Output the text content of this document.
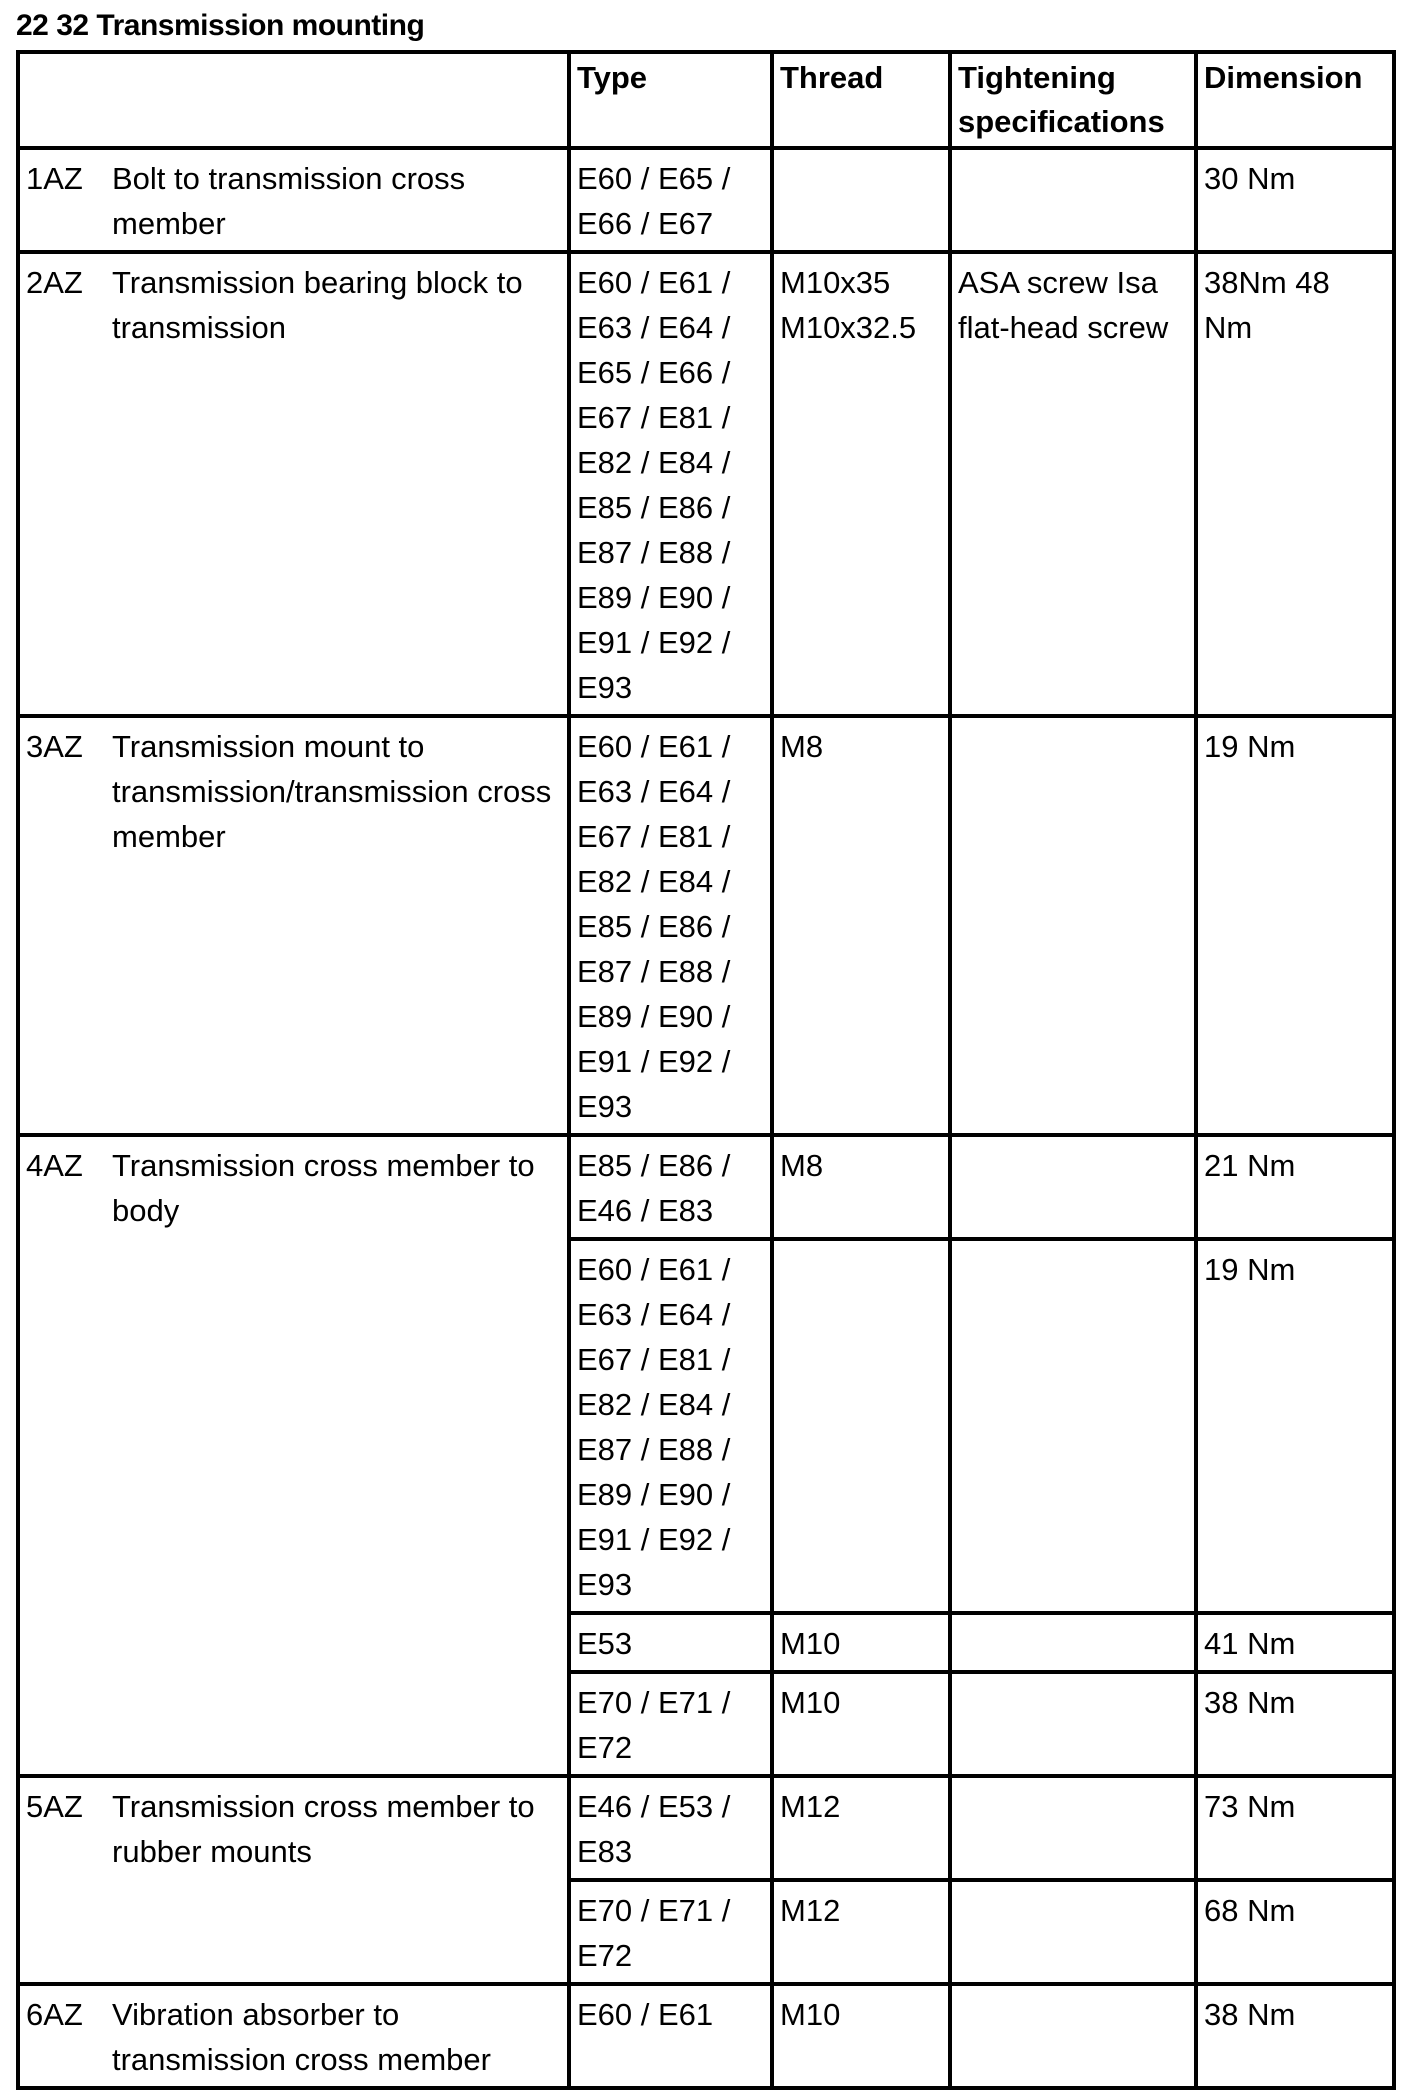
22 32 Transmission mounting
		Type	Thread	Tightening specifications	Dimension
1AZ	Bolt to transmission cross member	E60 / E65 / E66 / E67			30 Nm
2AZ	Transmission bearing block to transmission	E60 / E61 / E63 / E64 / E65 / E66 / E67 / E81 / E82 / E84 / E85 / E86 / E87 / E88 / E89 / E90 / E91 / E92 / E93	M10x35 M10x32.5	ASA screw Isa flat-head screw	38Nm 48 Nm
3AZ	Transmission mount to transmission/transmission cross member	E60 / E61 / E63 / E64 / E67 / E81 / E82 / E84 / E85 / E86 / E87 / E88 / E89 / E90 / E91 / E92 / E93	M8		19 Nm
4AZ	Transmission cross member to body	E85 / E86 / E46 / E83	M8		21 Nm
		E60 / E61 / E63 / E64 / E67 / E81 / E82 / E84 / E87 / E88 / E89 / E90 / E91 / E92 / E93			19 Nm
		E53	M10		41 Nm
		E70 / E71 / E72	M10		38 Nm
5AZ	Transmission cross member to rubber mounts	E46 / E53 / E83	M12		73 Nm
		E70 / E71 / E72	M12		68 Nm
6AZ	Vibration absorber to transmission cross member	E60 / E61	M10		38 Nm
